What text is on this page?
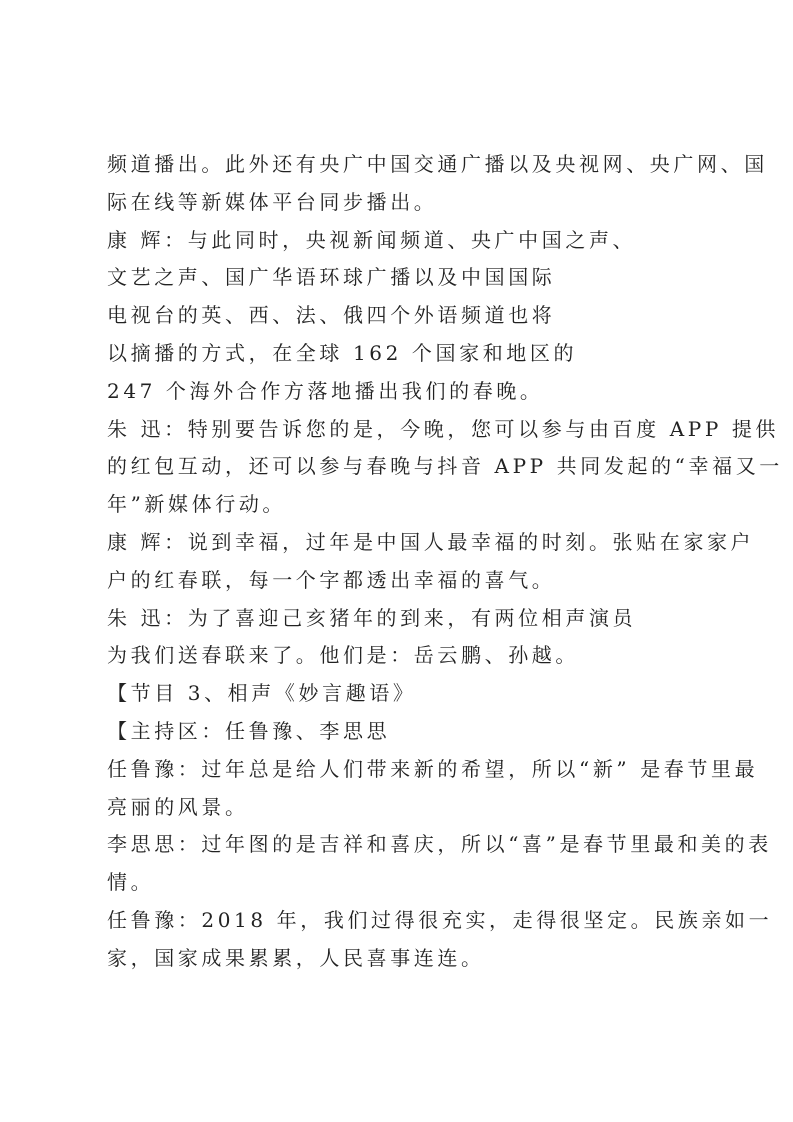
频道播出。此外还有央广中国交通广播以及央视网、央广网、国
际在线等新媒体平台同步播出。
康 辉：与此同时，央视新闻频道、央广中国之声、
文艺之声、国广华语环球广播以及中国国际
电视台的英、西、法、俄四个外语频道也将
以摘播的方式，在全球 162 个国家和地区的
247 个海外合作方落地播出我们的春晚。
朱 迅：特别要告诉您的是，今晚，您可以参与由百度 APP 提供
的红包互动，还可以参与春晚与抖音 APP 共同发起的“幸福又一
年”新媒体行动。
康 辉：说到幸福，过年是中国人最幸福的时刻。张贴在家家户
户的红春联，每一个字都透出幸福的喜气。
朱 迅：为了喜迎己亥猪年的到来，有两位相声演员
为我们送春联来了。他们是：岳云鹏、孙越。
【节目 3、相声《妙言趣语》
【主持区：任鲁豫、李思思
任鲁豫：过年总是给人们带来新的希望，所以“新” 是春节里最
亮丽的风景。
李思思：过年图的是吉祥和喜庆，所以“喜”是春节里最和美的表
情。
任鲁豫：2018 年，我们过得很充实，走得很坚定。民族亲如一
家，国家成果累累，人民喜事连连。
